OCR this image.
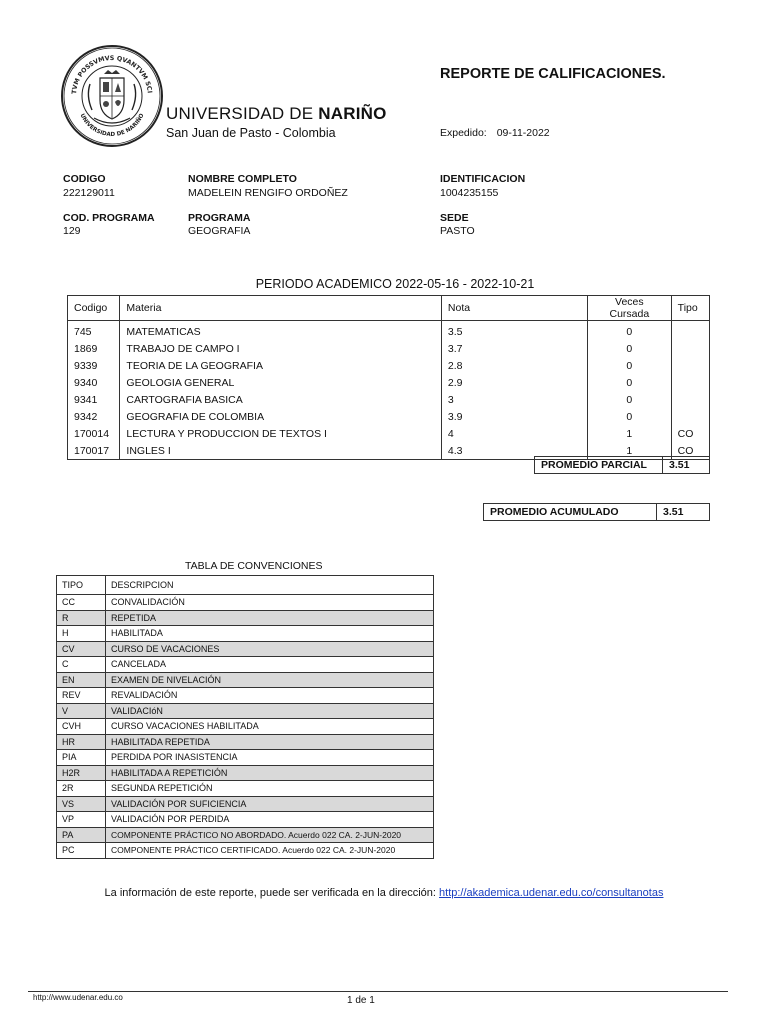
TVM POSSVMVS QVANTVM SCI
UNIVERSIDAD DE NARIÑO UNIVERSIDAD DE NARIÑO
San Juan de Pasto - Colombia
REPORTE DE CALIFICACIONES.
Expedido: 09-11-2022
CODIGO
222129011
NOMBRE COMPLETO
MADELEIN RENGIFO ORDOÑEZ
IDENTIFICACION
1004235155
COD. PROGRAMA
129
PROGRAMA
GEOGRAFIA
SEDE
PASTO
PERIODO ACADEMICO 2022-05-16 - 2022-10-21
Codigo	Materia	Nota	Veces Cursada	Tipo
745	MATEMATICAS	3.5	0	
1869	TRABAJO DE CAMPO I	3.7	0	
9339	TEORIA DE LA GEOGRAFIA	2.8	0	
9340	GEOLOGIA GENERAL	2.9	0	
9341	CARTOGRAFIA BASICA	3	0	
9342	GEOGRAFIA DE COLOMBIA	3.9	0	
170014	LECTURA Y PRODUCCION DE TEXTOS I	4	1	CO
170017	INGLES I	4.3	1	CO
PROMEDIO PARCIAL	3.51
PROMEDIO ACUMULADO	3.51
TABLA DE CONVENCIONES
TIPO	DESCRIPCION
CC	CONVALIDACIÓN
R	REPETIDA
H	HABILITADA
CV	CURSO DE VACACIONES
C	CANCELADA
EN	EXAMEN DE NIVELACIÓN
REV	REVALIDACIÓN
V	VALIDACIóN
CVH	CURSO VACACIONES HABILITADA
HR	HABILITADA REPETIDA
PIA	PERDIDA POR INASISTENCIA
H2R	HABILITADA A REPETICIÓN
2R	SEGUNDA REPETICIÓN
VS	VALIDACIÓN POR SUFICIENCIA
VP	VALIDACIÓN POR PERDIDA
PA	COMPONENTE PRÁCTICO NO ABORDADO. Acuerdo 022 CA. 2-JUN-2020
PC	COMPONENTE PRÁCTICO CERTIFICADO. Acuerdo 022 CA. 2-JUN-2020
La información de este reporte, puede ser verificada en la dirección: http://akademica.udenar.edu.co/consultanotas
http://www.udenar.edu.co	1 de 1
